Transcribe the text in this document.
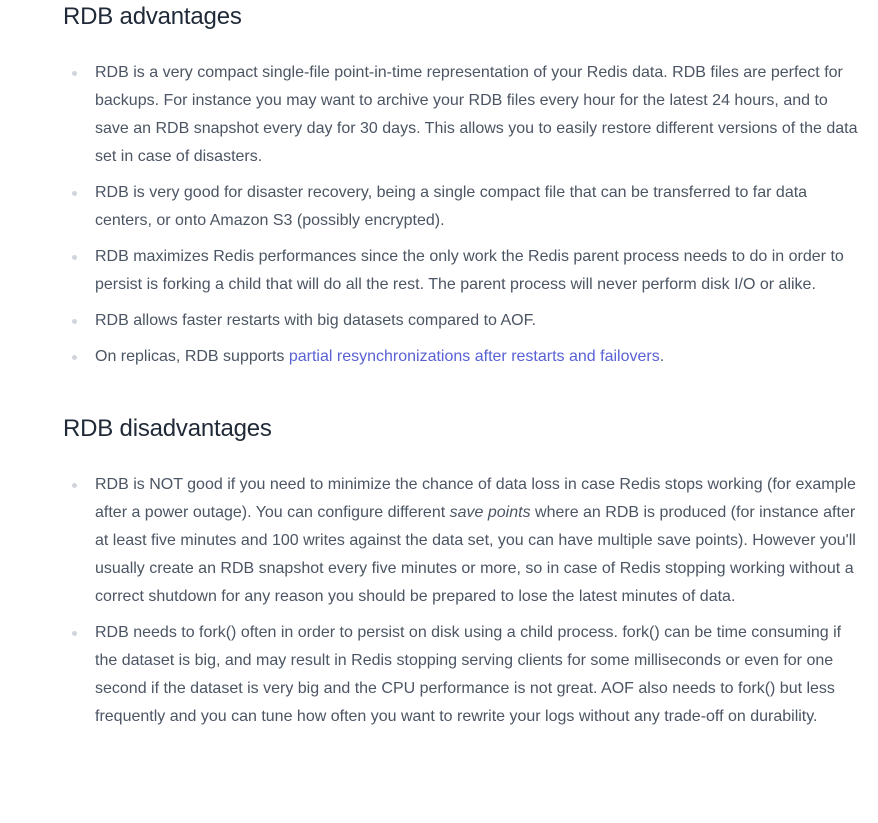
RDB advantages
RDB is a very compact single-file point-in-time representation of your Redis data. RDB files are perfect for backups. For instance you may want to archive your RDB files every hour for the latest 24 hours, and to save an RDB snapshot every day for 30 days. This allows you to easily restore different versions of the data set in case of disasters.
RDB is very good for disaster recovery, being a single compact file that can be transferred to far data centers, or onto Amazon S3 (possibly encrypted).
RDB maximizes Redis performances since the only work the Redis parent process needs to do in order to persist is forking a child that will do all the rest. The parent process will never perform disk I/O or alike.
RDB allows faster restarts with big datasets compared to AOF.
On replicas, RDB supports partial resynchronizations after restarts and failovers.
RDB disadvantages
RDB is NOT good if you need to minimize the chance of data loss in case Redis stops working (for example after a power outage). You can configure different save points where an RDB is produced (for instance after at least five minutes and 100 writes against the data set, you can have multiple save points). However you'll usually create an RDB snapshot every five minutes or more, so in case of Redis stopping working without a correct shutdown for any reason you should be prepared to lose the latest minutes of data.
RDB needs to fork() often in order to persist on disk using a child process. fork() can be time consuming if the dataset is big, and may result in Redis stopping serving clients for some milliseconds or even for one second if the dataset is very big and the CPU performance is not great. AOF also needs to fork() but less frequently and you can tune how often you want to rewrite your logs without any trade-off on durability.
